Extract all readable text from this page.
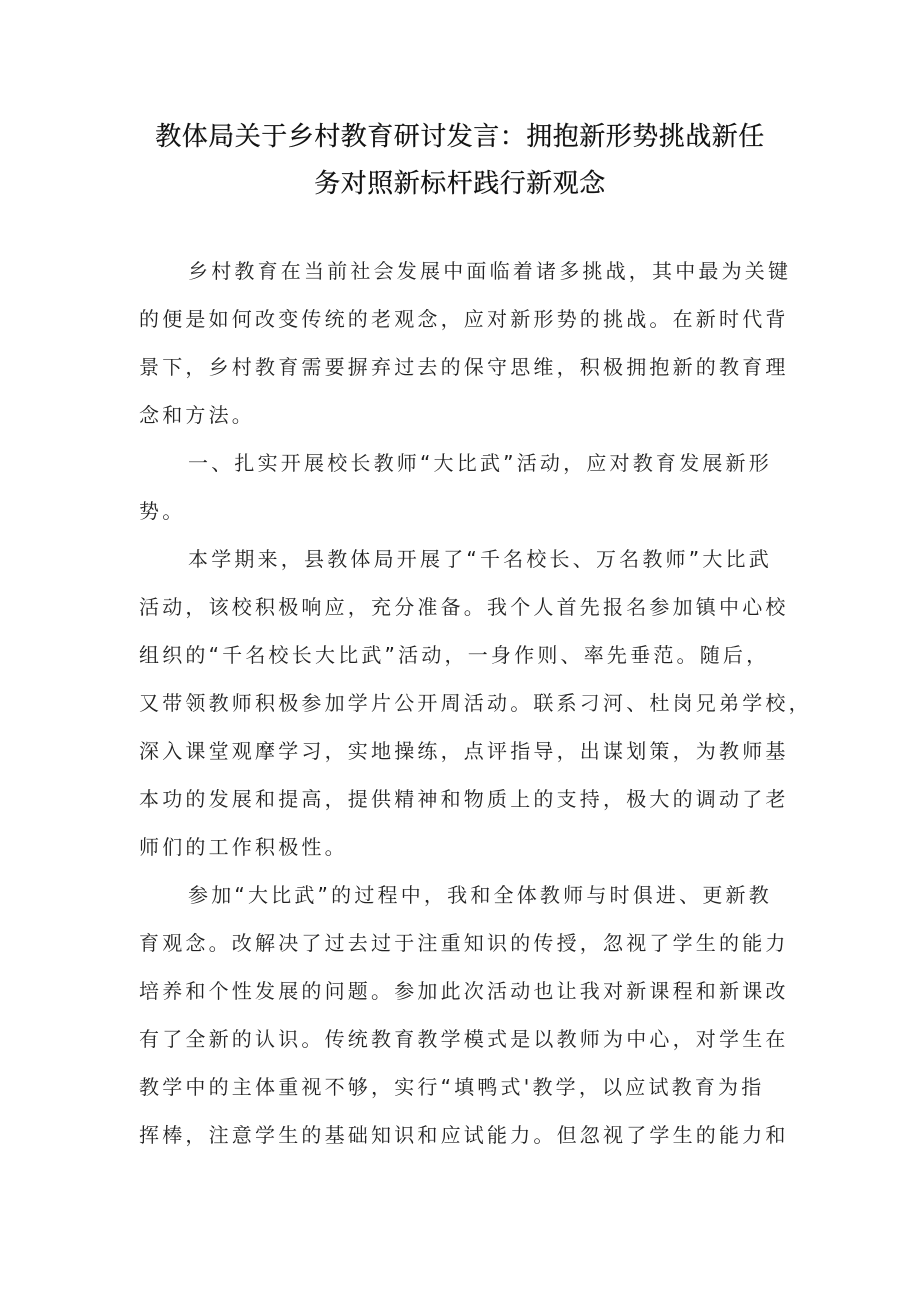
教体局关于乡村教育研讨发言：拥抱新形势挑战新任
务对照新标杆践行新观念

乡村教育在当前社会发展中面临着诸多挑战，其中最为关键
的便是如何改变传统的老观念，应对新形势的挑战。在新时代背
景下，乡村教育需要摒弃过去的保守思维，积极拥抱新的教育理
念和方法。

一、扎实开展校长教师“大比武”活动，应对教育发展新形
势。

本学期来，县教体局开展了“千名校长、万名教师”大比武
活动，该校积极响应，充分准备。我个人首先报名参加镇中心校
组织的“千名校长大比武”活动，一身作则、率先垂范。随后，
又带领教师积极参加学片公开周活动。联系刁河、杜岗兄弟学校，
深入课堂观摩学习，实地操练，点评指导，出谋划策，为教师基
本功的发展和提高，提供精神和物质上的支持，极大的调动了老
师们的工作积极性。

参加“大比武”的过程中，我和全体教师与时俱进、更新教
育观念。改解决了过去过于注重知识的传授，忽视了学生的能力
培养和个性发展的问题。参加此次活动也让我对新课程和新课改
有了全新的认识。传统教育教学模式是以教师为中心，对学生在
教学中的主体重视不够，实行“填鸭式'教学，以应试教育为指
挥棒，注意学生的基础知识和应试能力。但忽视了学生的能力和
